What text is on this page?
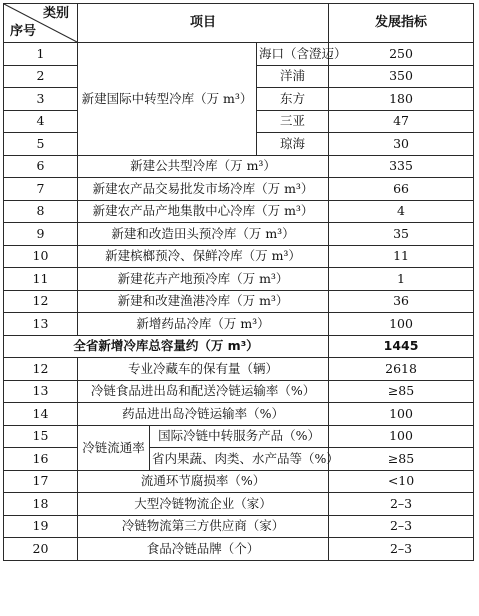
类别
序号	项目			发展指标
1	新建国际中转型冷库（万 m³）		海口（含澄迈）	250
2			洋浦	350
3			东方	180
4			三亚	47
5			琼海	30
6	新建公共型冷库（万 m³）			335
7	新建农产品交易批发市场冷库（万 m³）			66
8	新建农产品产地集散中心冷库（万 m³）			4
9	新建和改造田头预冷库（万 m³）			35
10	新建槟榔预冷、保鲜冷库（万 m³）			11
11	新建花卉产地预冷库（万 m³）			1
12	新建和改建渔港冷库（万 m³）			36
13	新增药品冷库（万 m³）			100
全省新增冷库总容量约（万 m³）				1445
12	专业冷藏车的保有量（辆）			2618
13	冷链食品进出岛和配送冷链运输率（%）			≥85
14	药品进出岛冷链运输率（%）			100
15	冷链流通率	国际冷链中转服务产品（%）		100
16		省内果蔬、肉类、水产品等（%）		≥85
17	流通环节腐损率（%）			<10
18	大型冷链物流企业（家）			2–3
19	冷链物流第三方供应商（家）			2–3
20	食品冷链品牌（个）			2–3
